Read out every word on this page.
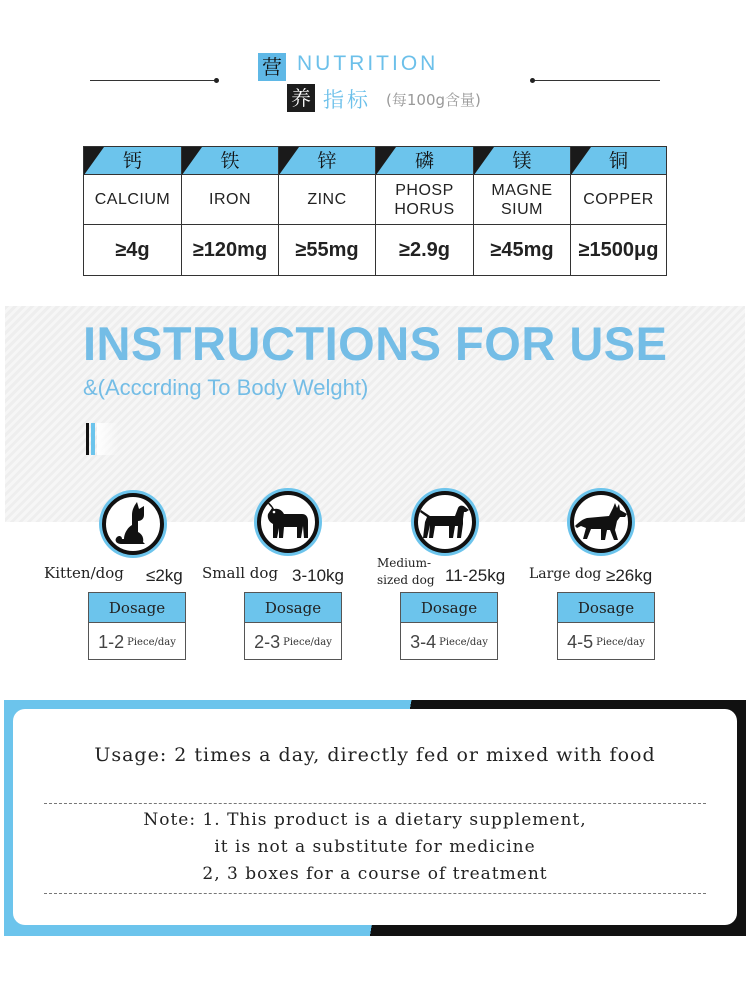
营
养
NUTRITION
指标 (每100g含量)
钙
CALCIUM
≥4g
铁
IRON
≥120mg
锌
ZINC
≥55mg
磷
PHOSP
HORUS
≥2.9g
镁
MAGNE
SIUM
≥45mg
铜
COPPER
≥1500μg
INSTRUCTIONS FOR USE
&(Acccrding To Body Welght)
Kitten/dog ≤2kg
Dosage
1-2 Piece/day
Small dog 3-10kg
Dosage
2-3 Piece/day
Medium-
sized dog 11-25kg
Dosage
3-4 Piece/day
Large dog ≥26kg
Dosage
4-5 Piece/day
Usage: 2 times a day, directly fed or mixed with food
Note: 1. This product is a dietary supplement,
it is not a substitute for medicine
2, 3 boxes for a course of treatment
